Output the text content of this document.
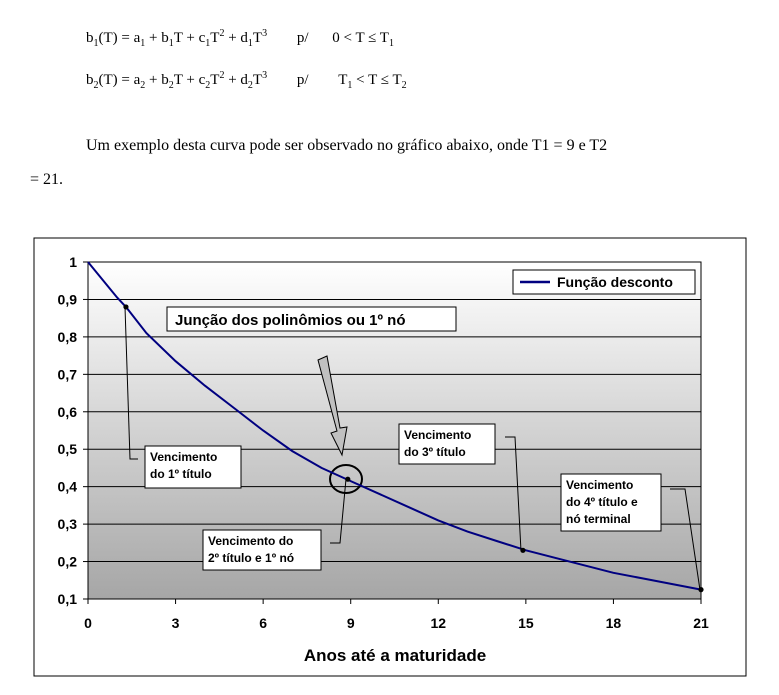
$b_1(T) = a_1 + b_1T + c_1T^2 + d_1T^3$ p/ $0 < T \le T_1$
$b_2(T) = a_2 + b_2T + c_2T^2 + d_2T^3$ p/ $T_1 < T \le T_2$
Um exemplo desta curva pode ser observado no gráfico abaixo, onde T1 = 9 e T2
= 21.
0,1
0,2
0,3
0,4
0,5
0,6
0,7
0,8
0,9
1
0	3	6	9	12	15	18	21
Anos até a maturidade
Função desconto
Junção dos polinômios ou 1º nó
Vencimento
do 1º título
Vencimento do
2º título e 1º nó
Vencimento
do 3º título
Vencimento
do 4º título e
nó terminal
